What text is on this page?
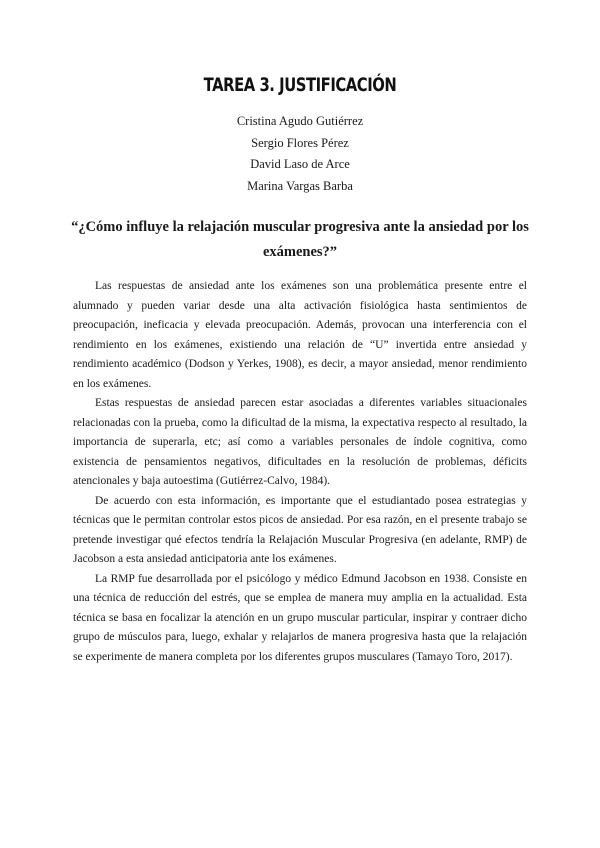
TAREA 3. JUSTIFICACIÓN
Cristina Agudo Gutiérrez
Sergio Flores Pérez
David Laso de Arce
Marina Vargas Barba
“¿Cómo influye la relajación muscular progresiva ante la ansiedad por los exámenes?”

Las respuestas de ansiedad ante los exámenes son una problemática presente entre el alumnado y pueden variar desde una alta activación fisiológica hasta sentimientos de preocupación, ineficacia y elevada preocupación. Además, provocan una interferencia con el rendimiento en los exámenes, existiendo una relación de “U” invertida entre ansiedad y rendimiento académico (Dodson y Yerkes, 1908), es decir, a mayor ansiedad, menor rendimiento en los exámenes.

Estas respuestas de ansiedad parecen estar asociadas a diferentes variables situacionales relacionadas con la prueba, como la dificultad de la misma, la expectativa respecto al resultado, la importancia de superarla, etc; así como a variables personales de índole cognitiva, como existencia de pensamientos negativos, dificultades en la resolución de problemas, déficits atencionales y baja autoestima (Gutiérrez-Calvo, 1984).

De acuerdo con esta información, es importante que el estudiantado posea estrategias y técnicas que le permitan controlar estos picos de ansiedad. Por esa razón, en el presente trabajo se pretende investigar qué efectos tendría la Relajación Muscular Progresiva (en adelante, RMP) de Jacobson a esta ansiedad anticipatoria ante los exámenes.

La RMP fue desarrollada por el psicólogo y médico Edmund Jacobson en 1938. Consiste en una técnica de reducción del estrés, que se emplea de manera muy amplia en la actualidad. Esta técnica se basa en focalizar la atención en un grupo muscular particular, inspirar y contraer dicho grupo de músculos para, luego, exhalar y relajarlos de manera progresiva hasta que la relajación se experimente de manera completa por los diferentes grupos musculares (Tamayo Toro, 2017).
